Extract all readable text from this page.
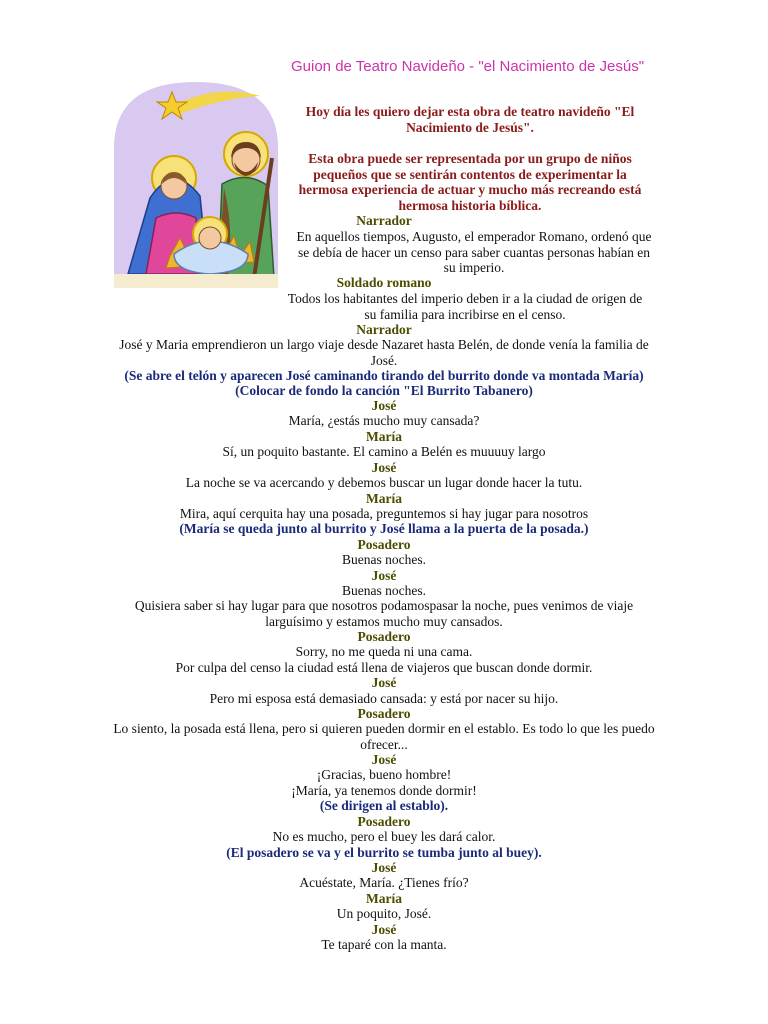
Guion de Teatro Navideño - "el Nacimiento de Jesús"
Hoy día les quiero dejar esta obra de teatro navideño "El Nacimiento de Jesús".
Esta obra puede ser representada por un grupo de niños pequeños que se sentirán contentos de experimentar la hermosa experiencia de actuar y mucho más recreando está hermosa historia bíblica.
Narrador
En aquellos tiempos, Augusto, el emperador Romano, ordenó que se debía de hacer un censo para saber cuantas personas habían en su imperio.
Soldado romano
Todos los habitantes del imperio deben ir a la ciudad de origen de su familia para incribirse en el censo.
Narrador
José y Maria emprendieron un largo viaje desde Nazaret hasta Belén, de donde venía la familia de José.
(Se abre el telón y aparecen José caminando tirando del burrito donde va montada María)
(Colocar de fondo la canción "El Burrito Tabanero)
José
María, ¿estás mucho muy cansada?
María
Sí, un poquito bastante. El camino a Belén es muuuuy largo
José
La noche se va acercando y debemos buscar un lugar donde hacer la tutu.
María
Mira, aquí cerquita hay una posada, preguntemos si hay jugar para nosotros
(María se queda junto al burrito y José llama a la puerta de la posada.)
Posadero
Buenas noches.
José
Buenas noches.
Quisiera saber si hay lugar para que nosotros podamospasar la noche, pues venimos de viaje larguísimo y estamos mucho muy cansados.
Posadero
Sorry, no me queda ni una cama.
Por culpa del censo la ciudad está llena de viajeros que buscan donde dormir.
José
Pero mi esposa está demasiado cansada: y está por nacer su hijo.
Posadero
Lo siento, la posada está llena, pero si quieren pueden dormir en el establo. Es todo lo que les puedo ofrecer...
José
¡Gracias, bueno hombre!
¡María, ya tenemos donde dormir!
(Se dirigen al establo).
Posadero
No es mucho, pero el buey les dará calor.
(El posadero se va y el burrito se tumba junto al buey).
José
Acuéstate, María. ¿Tienes frío?
María
Un poquito, José.
José
Te taparé con la manta.
